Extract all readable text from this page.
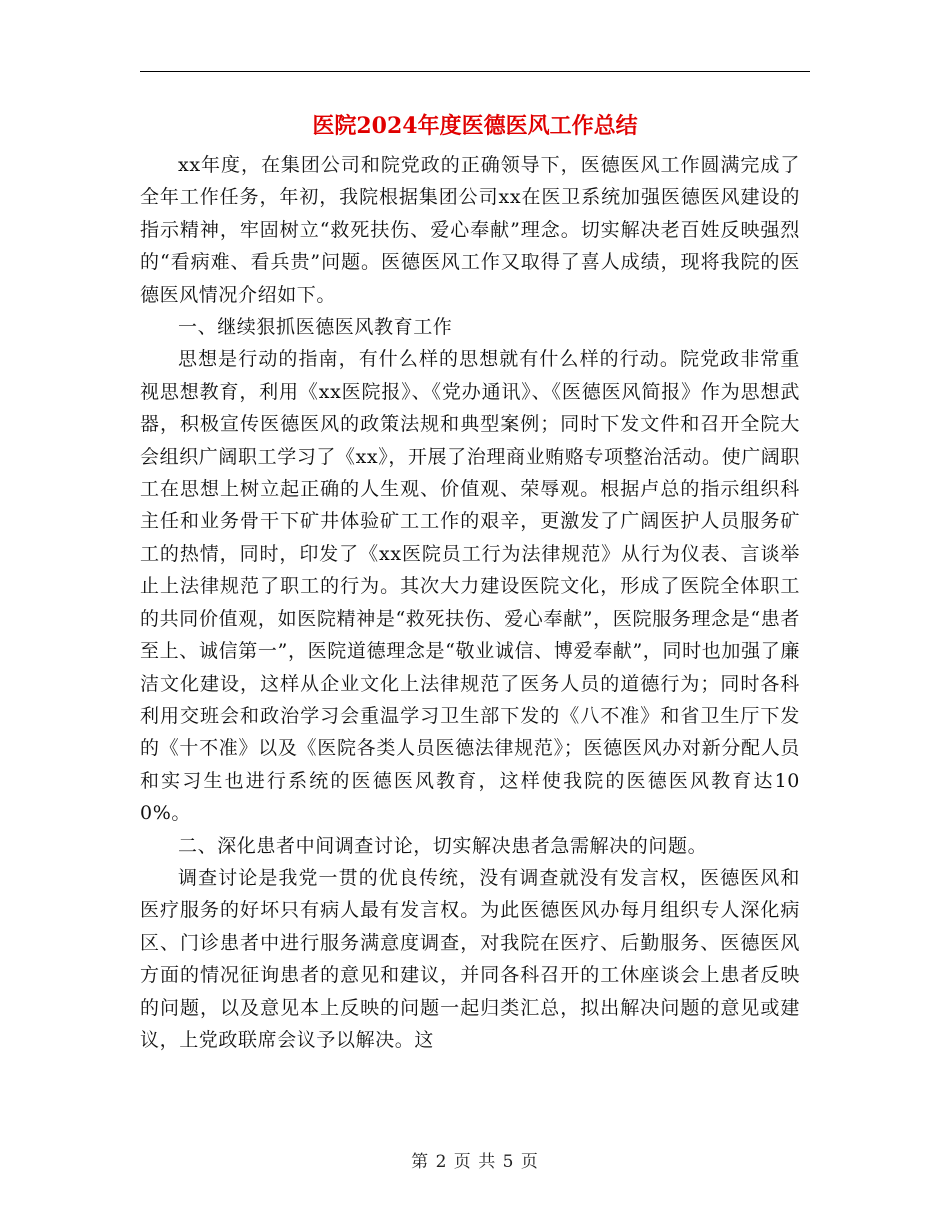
医院2024年度医德医风工作总结

xx年度，在集团公司和院党政的正确领导下，医德医风工作圆满完成了全年工作任务，年初，我院根据集团公司xx在医卫系统加强医德医风建设的指示精神，牢固树立“救死扶伤、爱心奉献”理念。切实解决老百姓反映强烈的“看病难、看兵贵”问题。医德医风工作又取得了喜人成绩，现将我院的医德医风情况介绍如下。

一、继续狠抓医德医风教育工作

思想是行动的指南，有什么样的思想就有什么样的行动。院党政非常重视思想教育，利用《xx医院报》、《党办通讯》、《医德医风简报》作为思想武器，积极宣传医德医风的政策法规和典型案例；同时下发文件和召开全院大会组织广阔职工学习了《xx》，开展了治理商业贿赂专项整治活动。使广阔职工在思想上树立起正确的人生观、价值观、荣辱观。根据卢总的指示组织科主任和业务骨干下矿井体验矿工工作的艰辛，更激发了广阔医护人员服务矿工的热情，同时，印发了《xx医院员工行为法律规范》从行为仪表、言谈举止上法律规范了职工的行为。其次大力建设医院文化，形成了医院全体职工的共同价值观，如医院精神是“救死扶伤、爱心奉献”，医院服务理念是“患者至上、诚信第一”，医院道德理念是“敬业诚信、博爱奉献”，同时也加强了廉洁文化建设，这样从企业文化上法律规范了医务人员的道德行为；同时各科利用交班会和政治学习会重温学习卫生部下发的《八不准》和省卫生厅下发的《十不准》以及《医院各类人员医德法律规范》；医德医风办对新分配人员和实习生也进行系统的医德医风教育，这样使我院的医德医风教育达100%。

二、深化患者中间调查讨论，切实解决患者急需解决的问题。

调查讨论是我党一贯的优良传统，没有调查就没有发言权，医德医风和医疗服务的好坏只有病人最有发言权。为此医德医风办每月组织专人深化病区、门诊患者中进行服务满意度调查，对我院在医疗、后勤服务、医德医风方面的情况征询患者的意见和建议，并同各科召开的工休座谈会上患者反映的问题，以及意见本上反映的问题一起归类汇总，拟出解决问题的意见或建议，上党政联席会议予以解决。这

第 2 页 共 5 页
